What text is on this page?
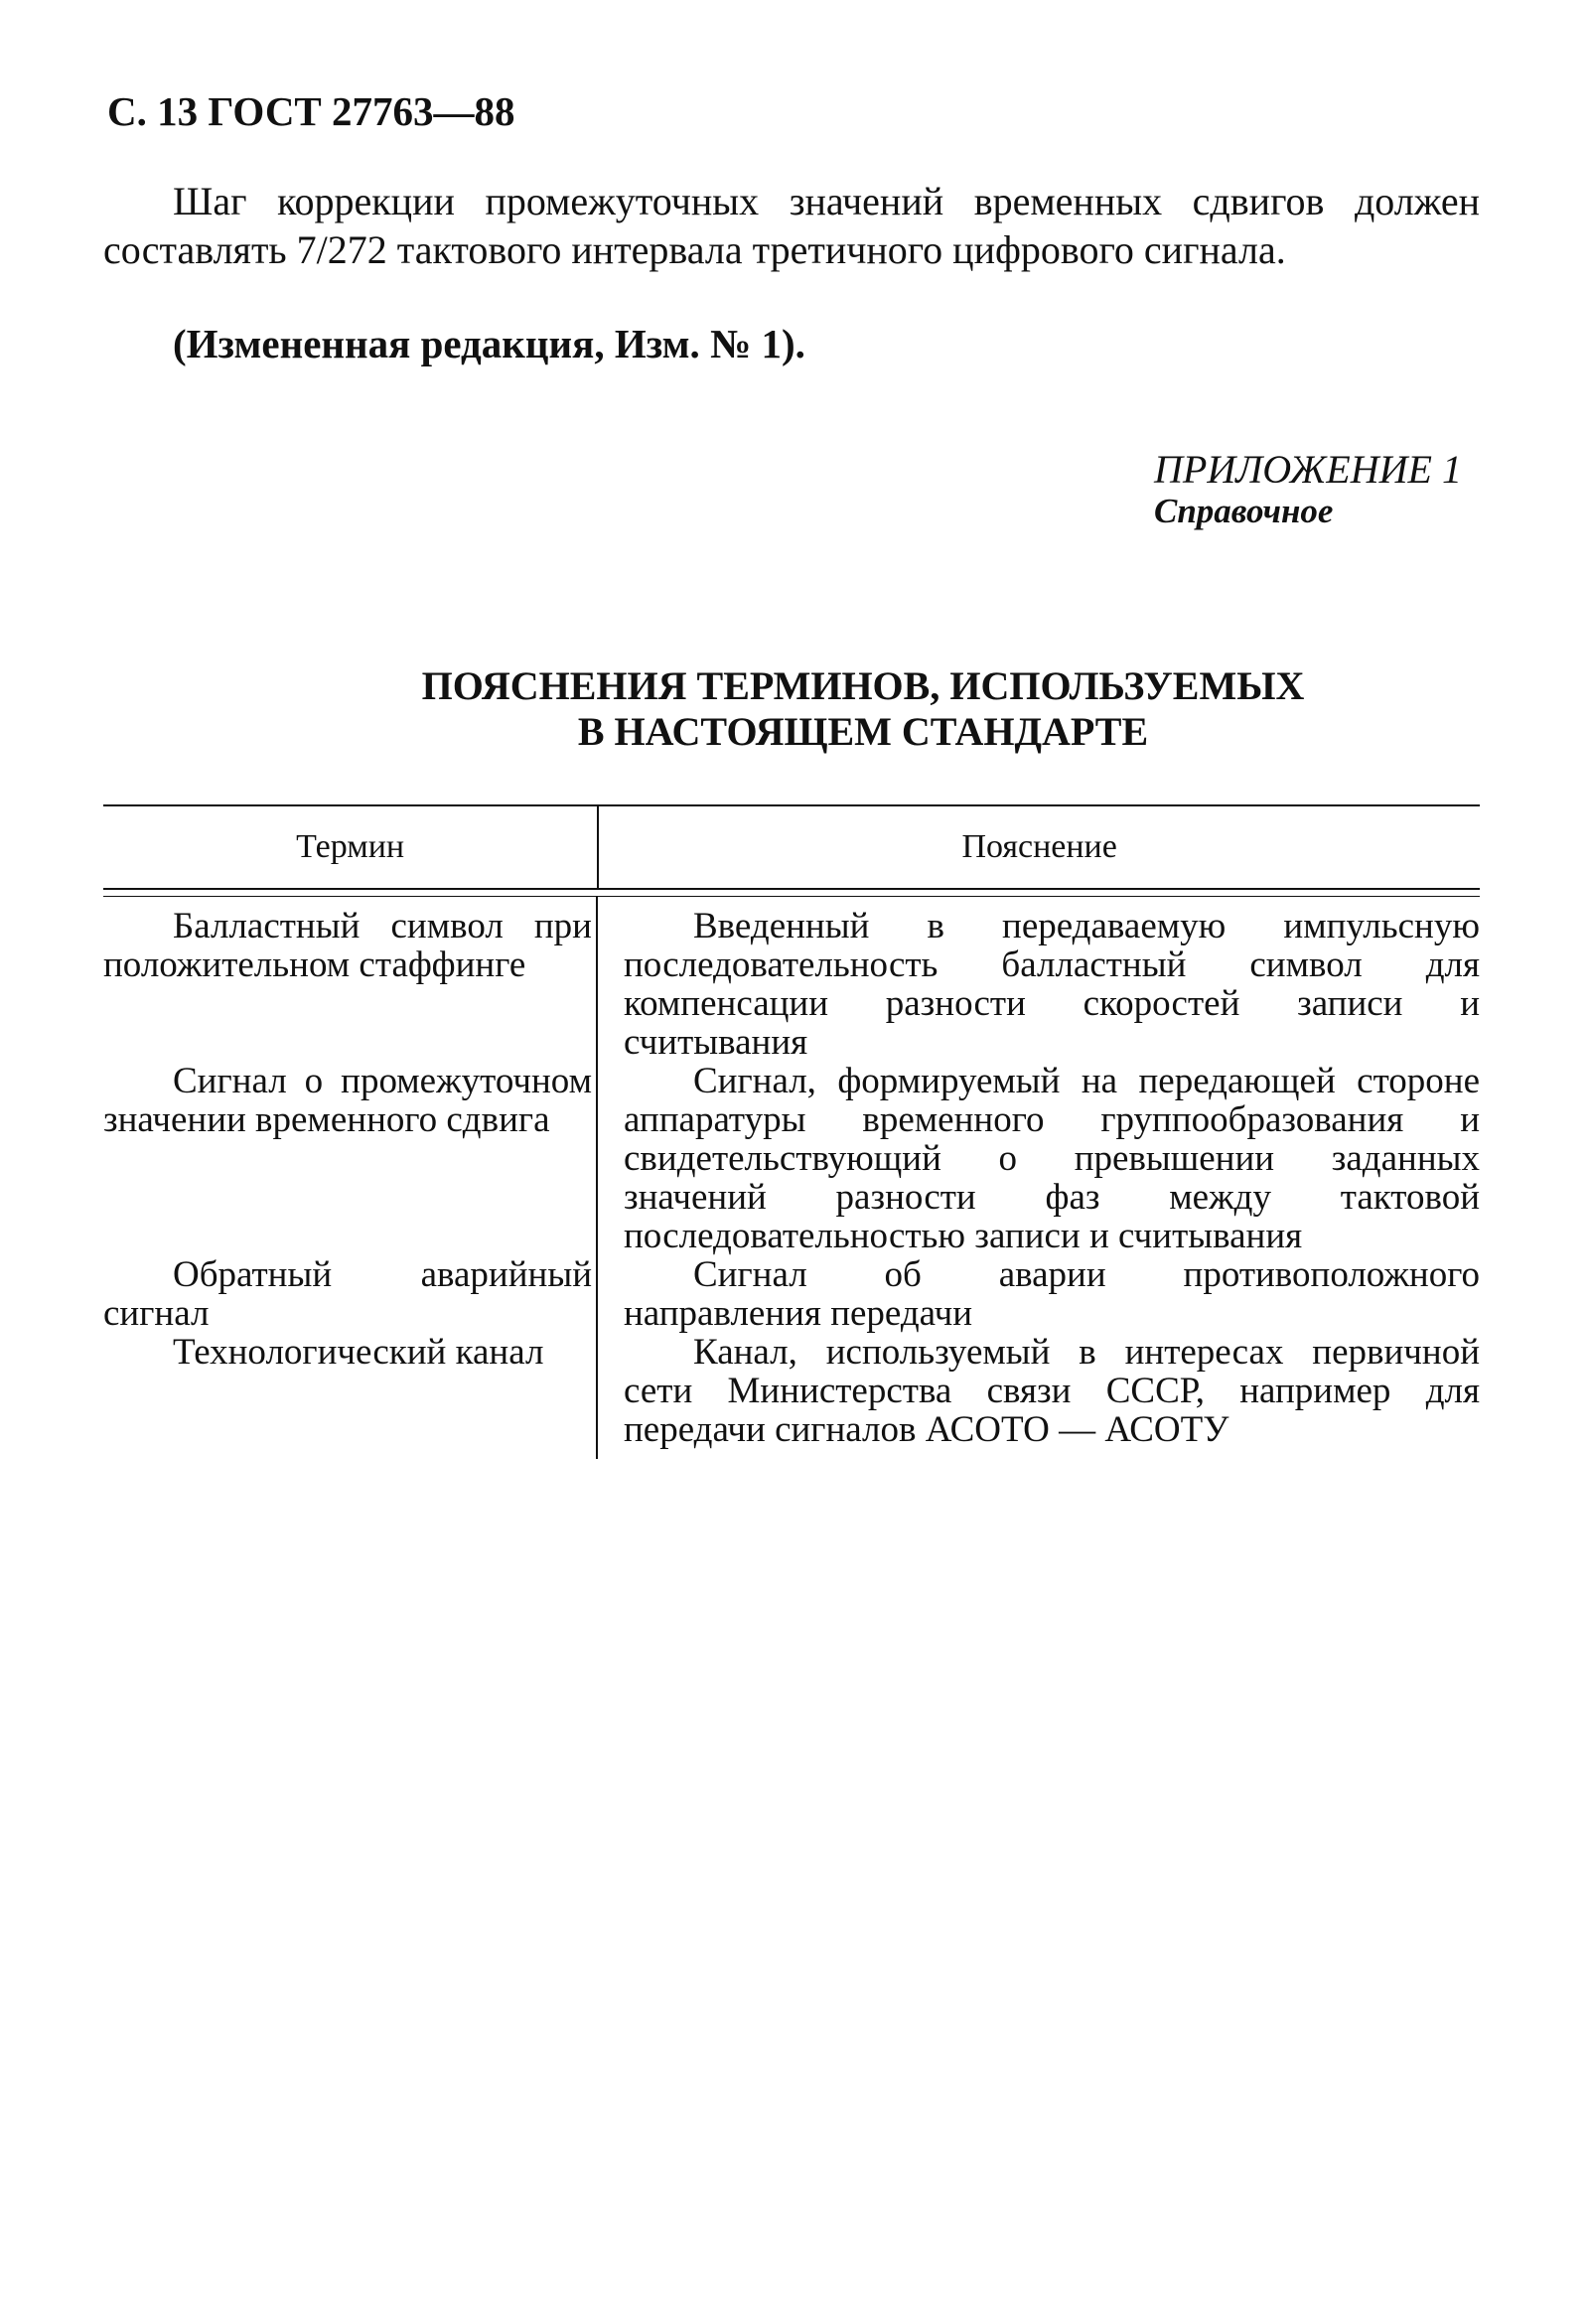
С. 13 ГОСТ 27763—88

Шаг коррекции промежуточных значений временных сдвигов должен составлять 7/272 тактового интервала третичного цифрового сигнала.

(Измененная редакция, Изм. № 1).
ПРИЛОЖЕНИЕ 1
Справочное
ПОЯСНЕНИЯ ТЕРМИНОВ, ИСПОЛЬЗУЕМЫХ
В НАСТОЯЩЕМ СТАНДАРТЕ
Термин	Пояснение
Балластный символ при положительном стаффинге
Введенный в передаваемую импульсную последовательность балластный символ для компенсации разности скоростей записи и считывания
Сигнал о промежуточном значении временного сдвига
Сигнал, формируемый на передающей стороне аппаратуры временного группообразования и свидетельствующий о превышении заданных значений разности фаз между тактовой последовательностью записи и считывания
Обратный аварийный сигнал
Сигнал об аварии противоположного направления передачи
Технологический канал	Канал, используемый в интересах первичной сети Министерства связи СССР, например для передачи сигналов АСОТО — АСОТУ
